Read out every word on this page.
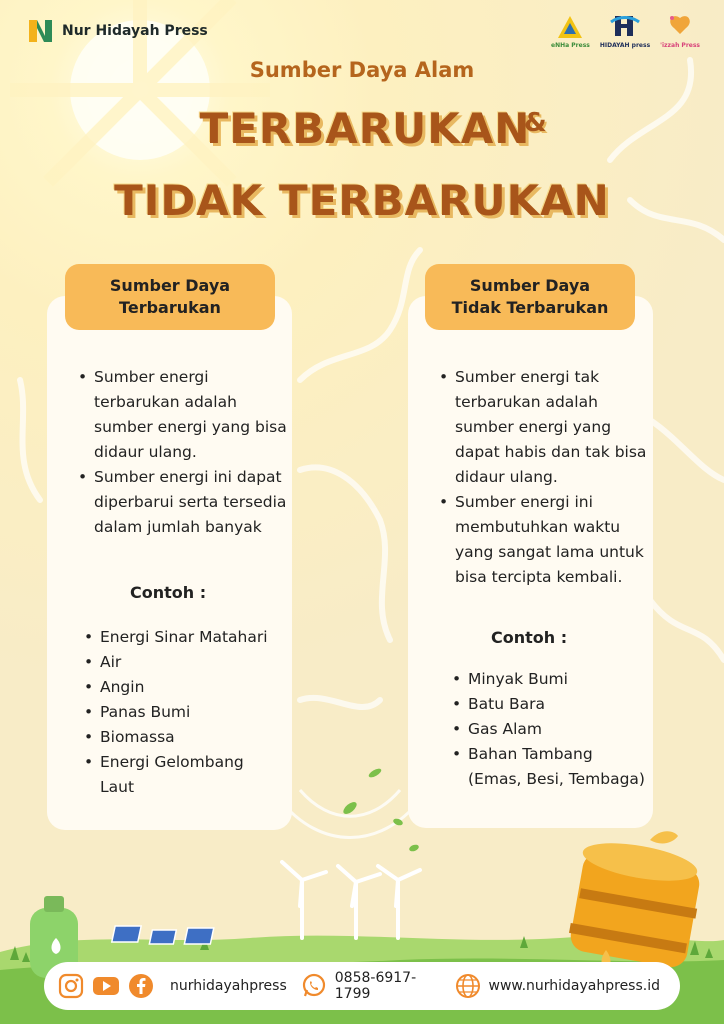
Nur Hidayah Press
eNHa Press HIDAYAH press 'izzah Press
Sumber Daya Alam
TERBARUKAN
&
TIDAK TERBARUKAN
Sumber Daya
Terbarukan
• Sumber energi terbarukan adalah sumber energi yang bisa didaur ulang.
• Sumber energi ini dapat diperbarui serta tersedia dalam jumlah banyak
Contoh :
• Energi Sinar Matahari
• Air
• Angin
• Panas Bumi
• Biomassa
• Energi Gelombang Laut
Sumber Daya
Tidak Terbarukan
• Sumber energi tak terbarukan adalah sumber energi yang dapat habis dan tak bisa didaur ulang.
• Sumber energi ini membutuhkan waktu yang sangat lama untuk bisa tercipta kembali.
Contoh :
• Minyak Bumi
• Batu Bara
• Gas Alam
• Bahan Tambang (Emas, Besi, Tembaga)
nurhidayahpress	0858-6917-1799	www.nurhidayahpress.id
